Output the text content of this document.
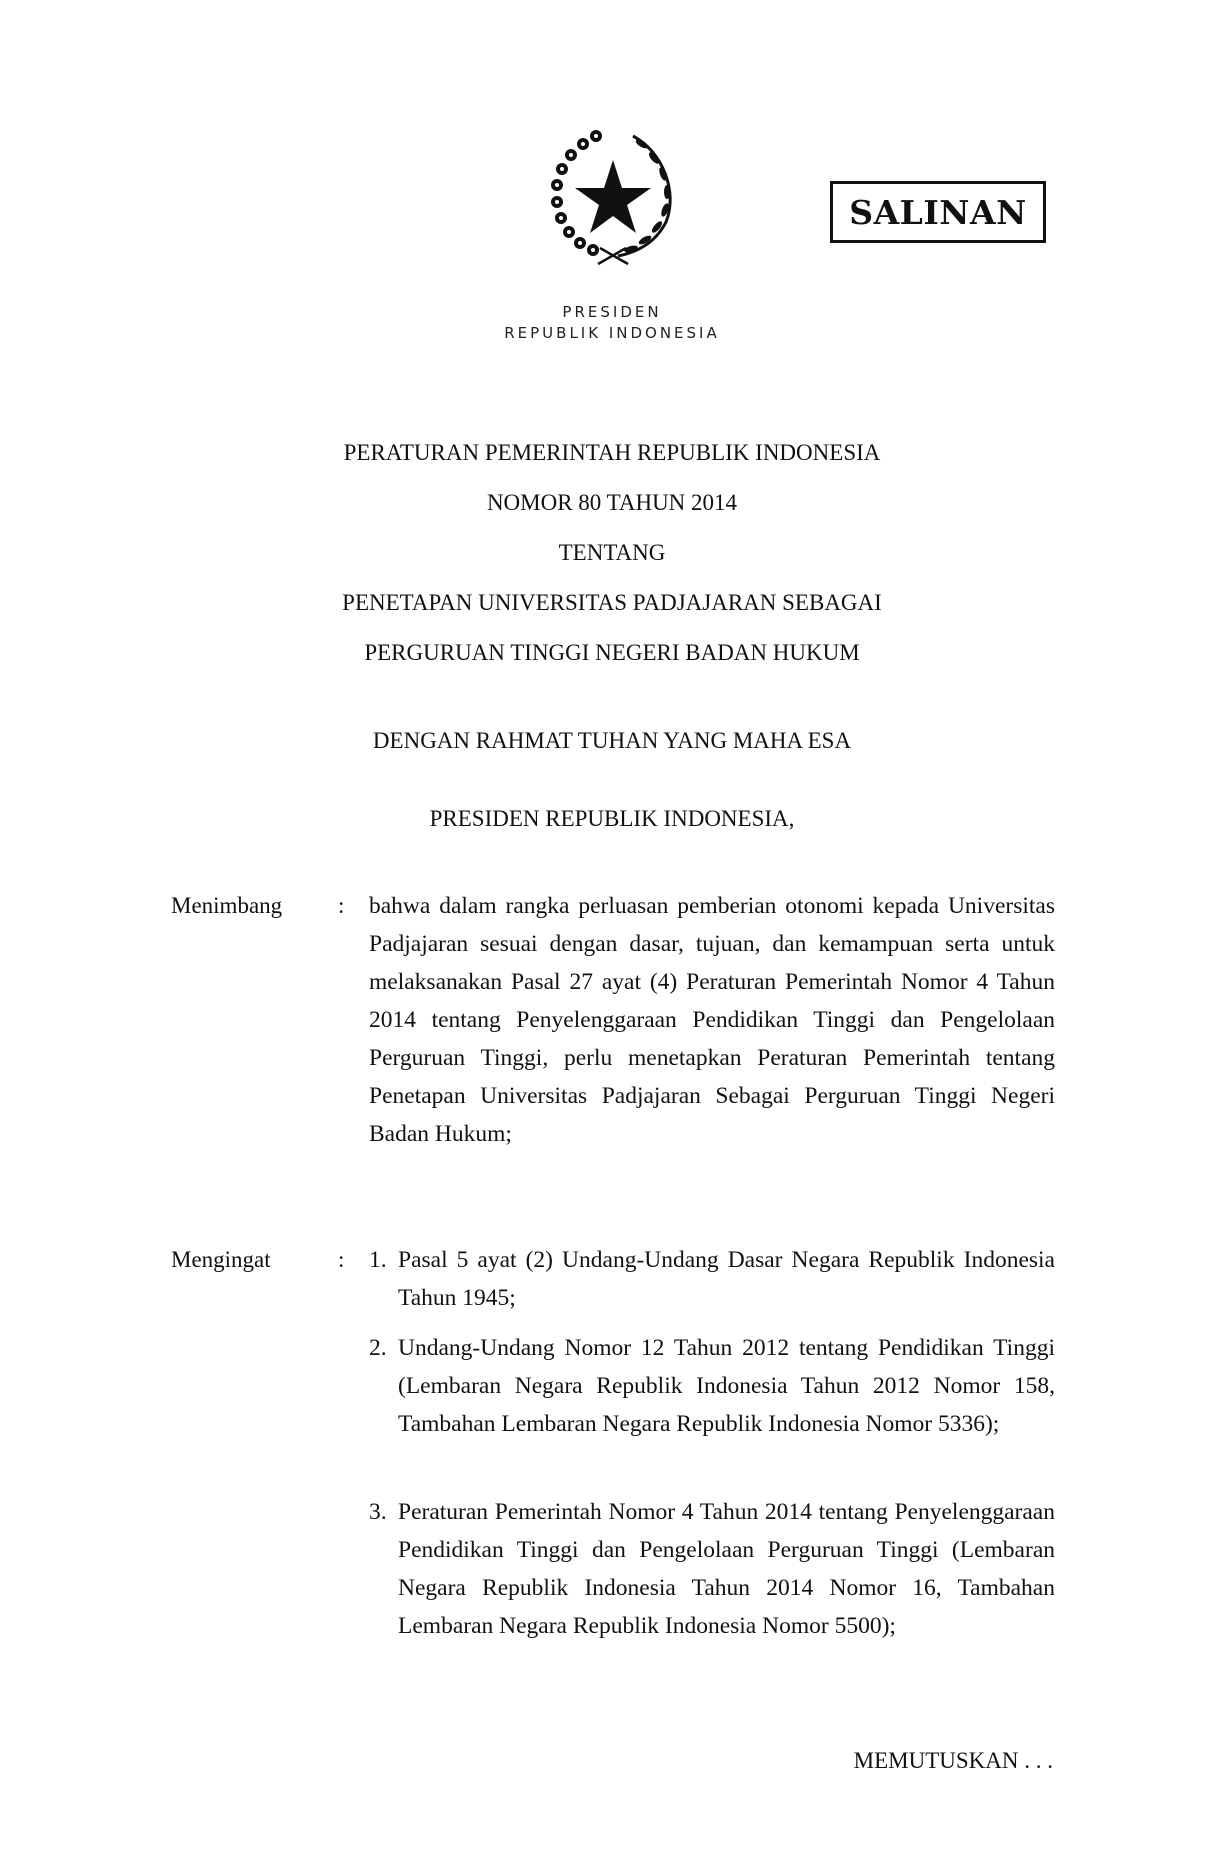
PRESIDEN
REPUBLIK INDONESIA
SALINAN
PERATURAN PEMERINTAH REPUBLIK INDONESIA
NOMOR 80 TAHUN 2014
TENTANG
PENETAPAN UNIVERSITAS PADJAJARAN SEBAGAI
PERGURUAN TINGGI NEGERI BADAN HUKUM
DENGAN RAHMAT TUHAN YANG MAHA ESA
PRESIDEN REPUBLIK INDONESIA,
Menimbang : bahwa dalam rangka perluasan pemberian otonomi kepada Universitas Padjajaran sesuai dengan dasar, tujuan, dan kemampuan serta untuk melaksanakan Pasal 27 ayat (4) Peraturan Pemerintah Nomor 4 Tahun 2014 tentang Penyelenggaraan Pendidikan Tinggi dan Pengelolaan Perguruan Tinggi, perlu menetapkan Peraturan Pemerintah tentang Penetapan Universitas Padjajaran Sebagai Perguruan Tinggi Negeri Badan Hukum;
Mengingat	: 1. Pasal 5 ayat (2) Undang-Undang Dasar Negara Republik Indonesia Tahun 1945;
2. Undang-Undang Nomor 12 Tahun 2012 tentang Pendidikan Tinggi (Lembaran Negara Republik Indonesia Tahun 2012 Nomor 158, Tambahan Lembaran Negara Republik Indonesia Nomor 5336);
3. Peraturan Pemerintah Nomor 4 Tahun 2014 tentang Penyelenggaraan Pendidikan Tinggi dan Pengelolaan Perguruan Tinggi (Lembaran Negara Republik Indonesia Tahun 2014 Nomor 16, Tambahan Lembaran Negara Republik Indonesia Nomor 5500);
MEMUTUSKAN . . .
